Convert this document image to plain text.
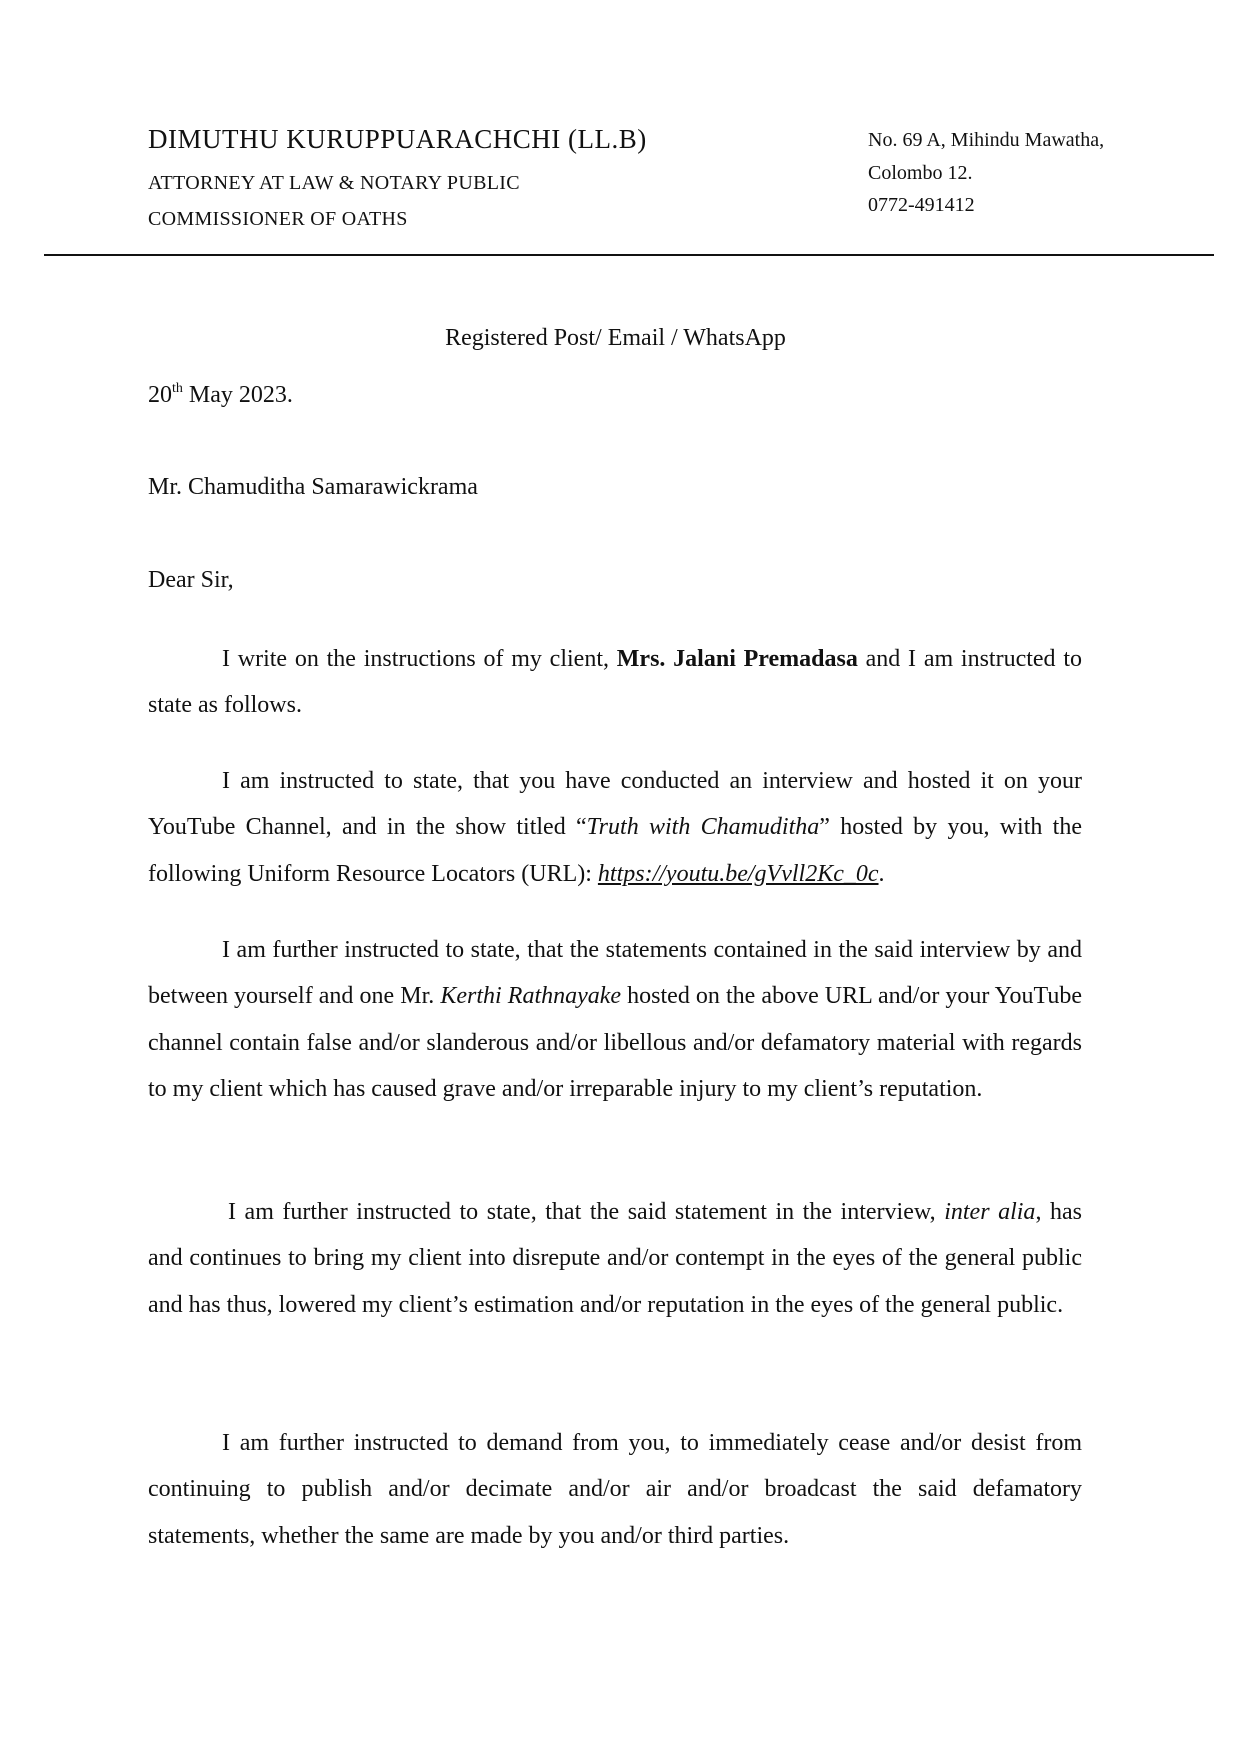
DIMUTHU KURUPPUARACHCHI (LL.B)
ATTORNEY AT LAW & NOTARY PUBLIC
COMMISSIONER OF OATHS
No. 69 A, Mihindu Mawatha,
Colombo 12.
0772-491412
Registered Post/ Email / WhatsApp
20th May 2023.
Mr. Chamuditha Samarawickrama
Dear Sir,

I write on the instructions of my client, Mrs. Jalani Premadasa and I am instructed to state as follows.

I am instructed to state, that you have conducted an interview and hosted it on your YouTube Channel, and in the show titled “Truth with Chamuditha” hosted by you, with the following Uniform Resource Locators (URL): https://youtu.be/gVvll2Kc_0c.

I am further instructed to state, that the statements contained in the said interview by and between yourself and one Mr. Kerthi Rathnayake hosted on the above URL and/or your YouTube channel contain false and/or slanderous and/or libellous and/or defamatory material with regards to my client which has caused grave and/or irreparable injury to my client’s reputation.

I am further instructed to state, that the said statement in the interview, inter alia, has and continues to bring my client into disrepute and/or contempt in the eyes of the general public and has thus, lowered my client’s estimation and/or reputation in the eyes of the general public.

I am further instructed to demand from you, to immediately cease and/or desist from continuing to publish and/or decimate and/or air and/or broadcast the said defamatory statements, whether the same are made by you and/or third parties.
